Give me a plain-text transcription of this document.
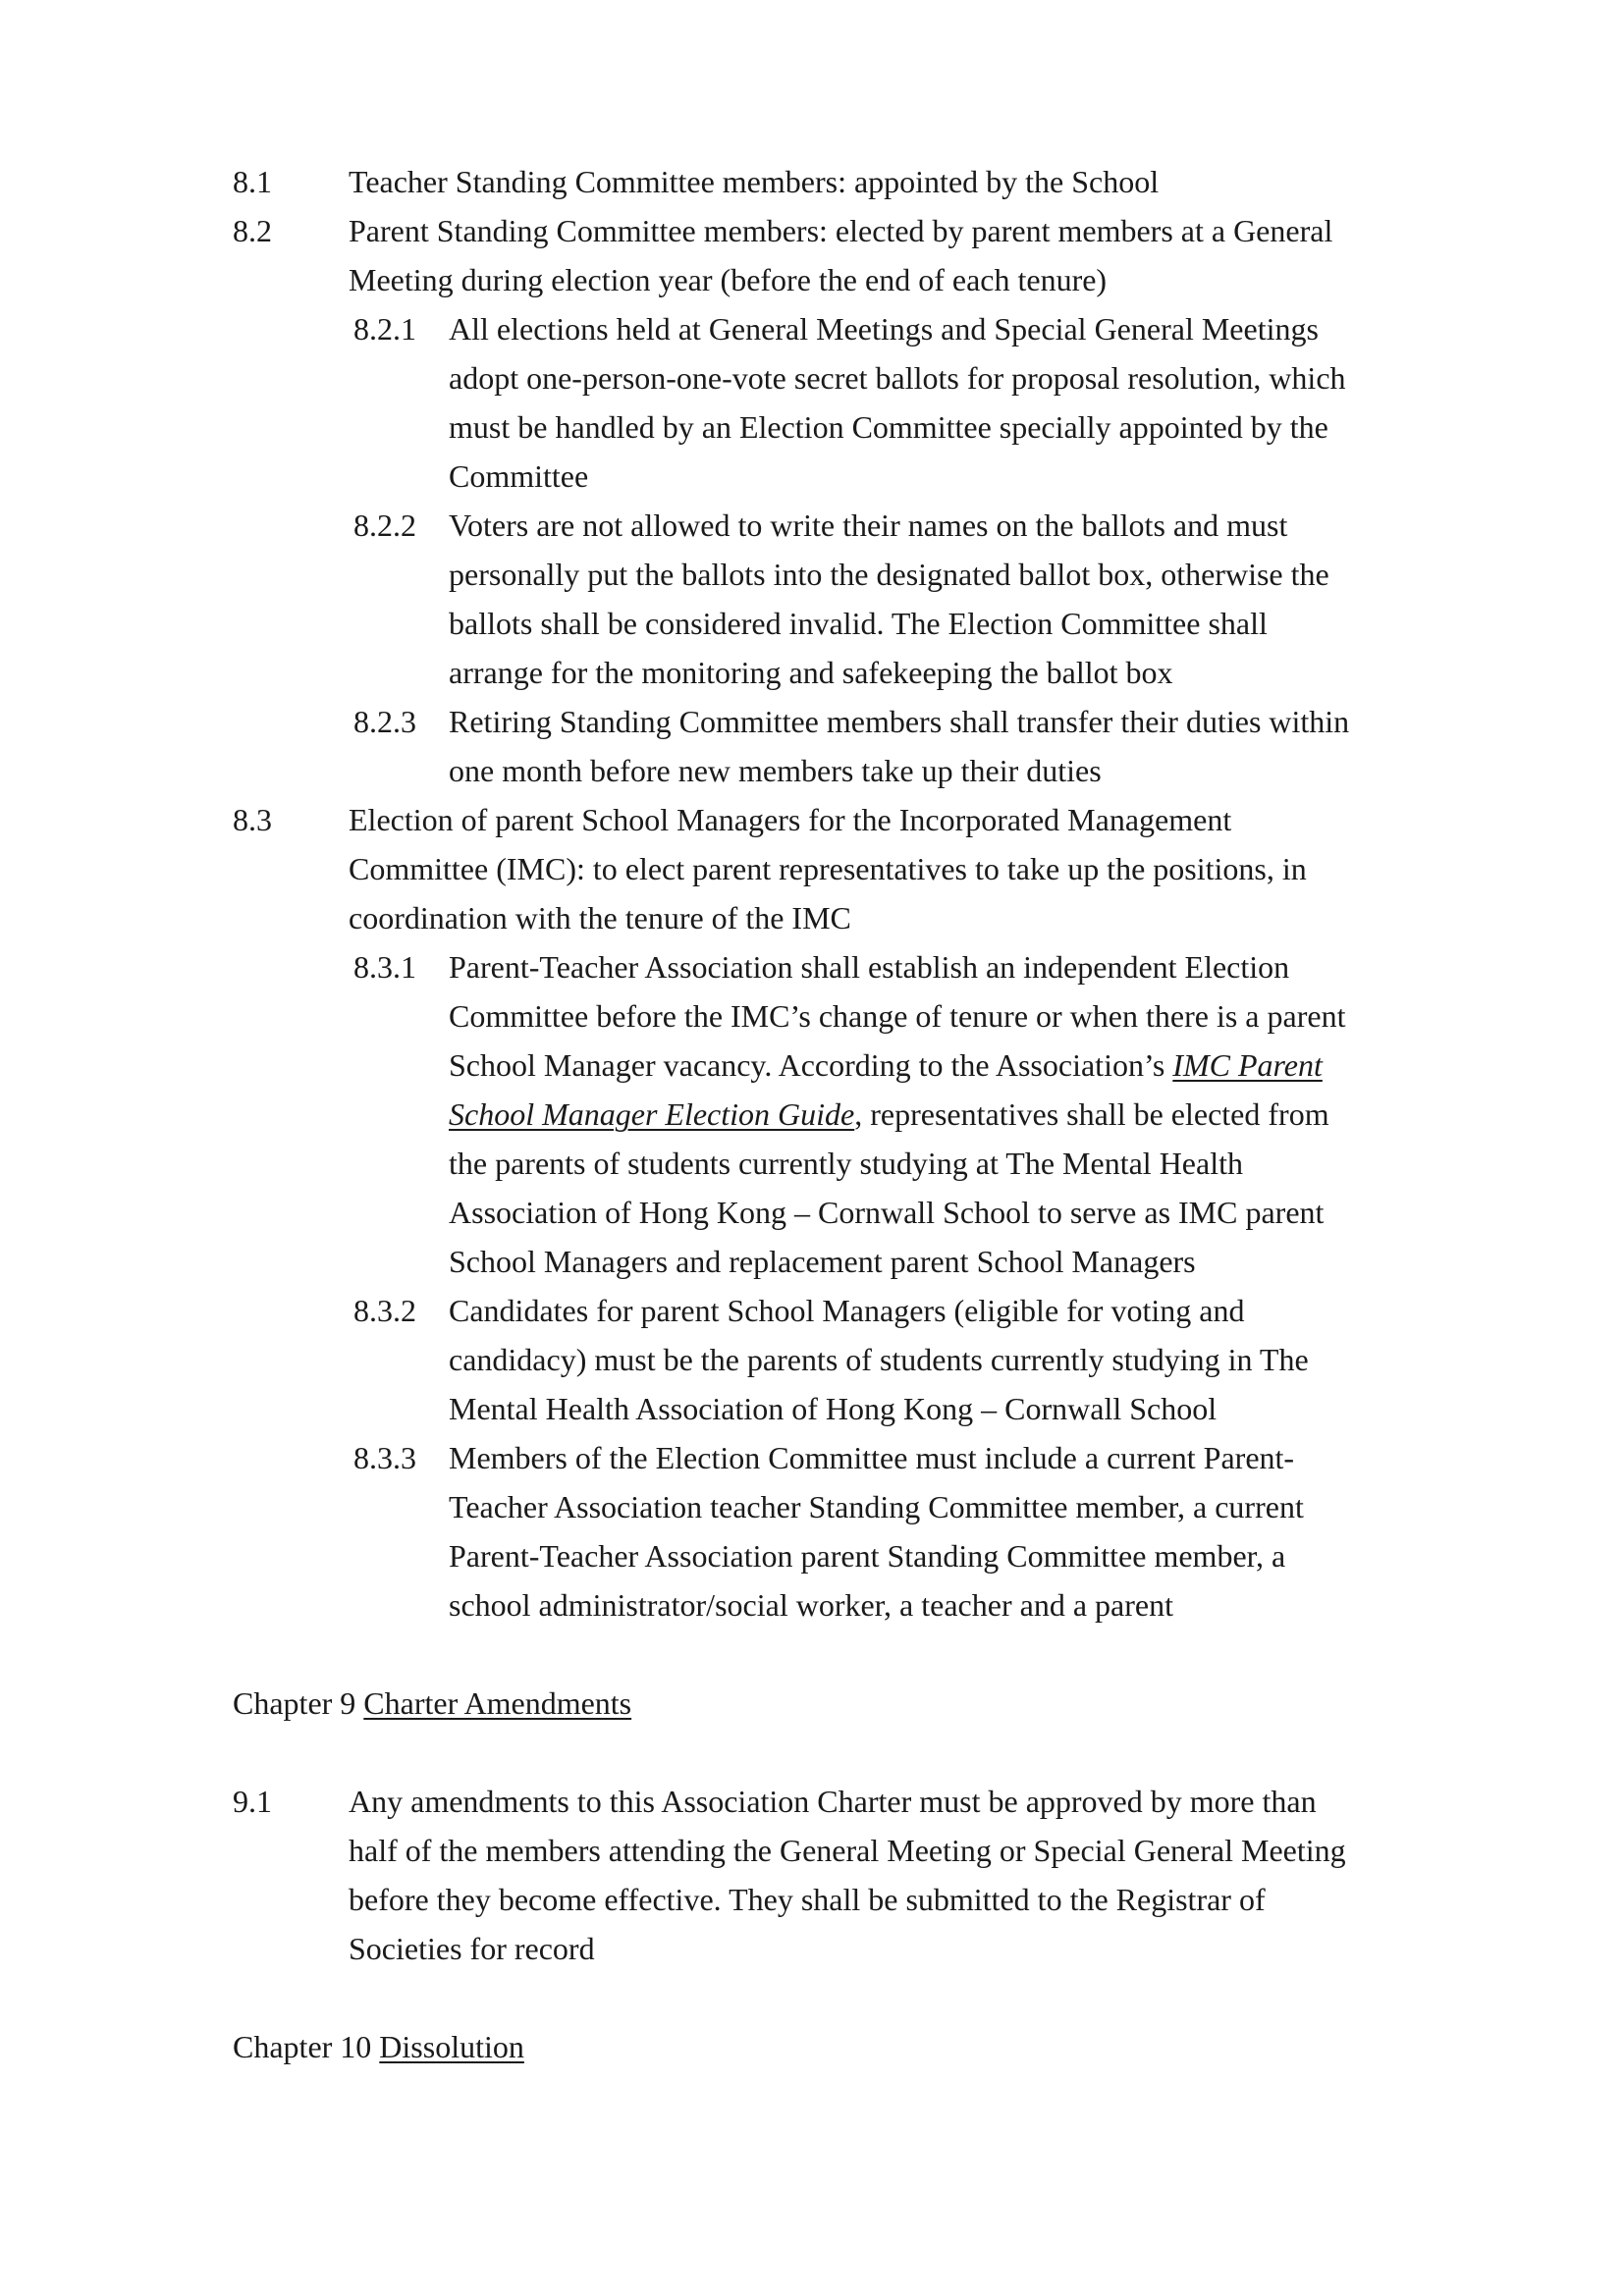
8.1 Teacher Standing Committee members: appointed by the School
8.2 Parent Standing Committee members: elected by parent members at a General
Meeting during election year (before the end of each tenure)
8.2.1 All elections held at General Meetings and Special General Meetings
adopt one-person-one-vote secret ballots for proposal resolution, which
must be handled by an Election Committee specially appointed by the
Committee
8.2.2 Voters are not allowed to write their names on the ballots and must
personally put the ballots into the designated ballot box, otherwise the
ballots shall be considered invalid. The Election Committee shall
arrange for the monitoring and safekeeping the ballot box
8.2.3 Retiring Standing Committee members shall transfer their duties within
one month before new members take up their duties
8.3 Election of parent School Managers for the Incorporated Management
Committee (IMC): to elect parent representatives to take up the positions, in
coordination with the tenure of the IMC
8.3.1 Parent-Teacher Association shall establish an independent Election
Committee before the IMC’s change of tenure or when there is a parent
School Manager vacancy. According to the Association’s IMC Parent
School Manager Election Guide, representatives shall be elected from
the parents of students currently studying at The Mental Health
Association of Hong Kong – Cornwall School to serve as IMC parent
School Managers and replacement parent School Managers
8.3.2 Candidates for parent School Managers (eligible for voting and
candidacy) must be the parents of students currently studying in The
Mental Health Association of Hong Kong – Cornwall School
8.3.3 Members of the Election Committee must include a current Parent-
Teacher Association teacher Standing Committee member, a current
Parent-Teacher Association parent Standing Committee member, a
school administrator/social worker, a teacher and a parent
Chapter 9 Charter Amendments
9.1 Any amendments to this Association Charter must be approved by more than
half of the members attending the General Meeting or Special General Meeting
before they become effective. They shall be submitted to the Registrar of
Societies for record
Chapter 10 Dissolution
